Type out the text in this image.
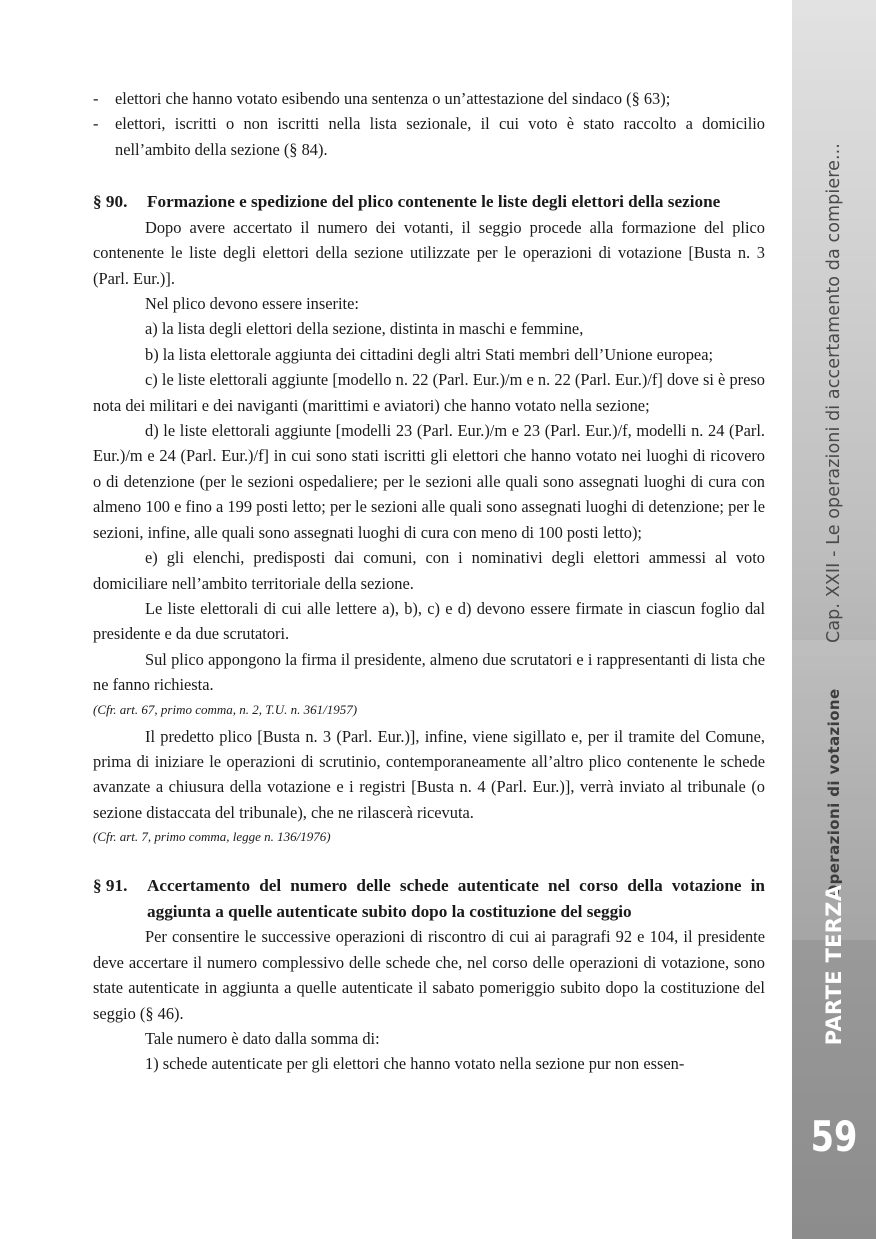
- elettori che hanno votato esibendo una sentenza o un’attestazione del sindaco (§ 63);

- elettori, iscritti o non iscritti nella lista sezionale, il cui voto è stato raccolto a domicilio nell’ambito della sezione (§ 84).

§ 90.	Formazione e spedizione del plico contenente le liste degli elettori della sezione

Dopo avere accertato il numero dei votanti, il seggio procede alla formazione del plico contenente le liste degli elettori della sezione utilizzate per le operazioni di votazione [Busta n. 3 (Parl. Eur.)].

Nel plico devono essere inserite:

a) la lista degli elettori della sezione, distinta in maschi e femmine,

b) la lista elettorale aggiunta dei cittadini degli altri Stati membri dell’Unione europea;

c) le liste elettorali aggiunte [modello n. 22 (Parl. Eur.)/m e n. 22 (Parl. Eur.)/f] dove si è preso nota dei militari e dei naviganti (marittimi e aviatori) che hanno votato nella sezione;

d) le liste elettorali aggiunte [modelli 23 (Parl. Eur.)/m e 23 (Parl. Eur.)/f, modelli n. 24 (Parl. Eur.)/m e 24 (Parl. Eur.)/f] in cui sono stati iscritti gli elettori che hanno votato nei luoghi di ricovero o di detenzione (per le sezioni ospedaliere; per le sezioni alle quali sono assegnati luoghi di cura con almeno 100 e fino a 199 posti letto; per le sezioni alle quali sono assegnati luoghi di detenzione; per le sezioni, infine, alle quali sono assegnati luoghi di cura con meno di 100 posti letto);

e) gli elenchi, predisposti dai comuni, con i nominativi degli elettori ammessi al voto domiciliare nell’ambito territoriale della sezione.

Le liste elettorali di cui alle lettere a), b), c) e d) devono essere firmate in ciascun foglio dal presidente e da due scrutatori.

Sul plico appongono la firma il presidente, almeno due scrutatori e i rappresentanti di lista che ne fanno richiesta.

(Cfr. art. 67, primo comma, n. 2, T.U. n. 361/1957)

Il predetto plico [Busta n. 3 (Parl. Eur.)], infine, viene sigillato e, per il tramite del Comune, prima di iniziare le operazioni di scrutinio, contemporaneamente all’altro plico contenente le schede avanzate a chiusura della votazione e i registri [Busta n. 4 (Parl. Eur.)], verrà inviato al tribunale (o sezione distaccata del tribunale), che ne rilascerà ricevuta.

(Cfr. art. 7, primo comma, legge n. 136/1976)

§ 91.	Accertamento del numero delle schede autenticate nel corso della votazione in aggiunta a quelle autenticate subito dopo la costituzione del seggio

Per consentire le successive operazioni di riscontro di cui ai paragrafi 92 e 104, il presidente deve accertare il numero complessivo delle schede che, nel corso delle operazioni di votazione, sono state autenticate in aggiunta a quelle autenticate il sabato pomeriggio subito dopo la costituzione del seggio (§ 46).

Tale numero è dato dalla somma di:

1) schede autenticate per gli elettori che hanno votato nella sezione pur non essen-

Cap. XXII - Le operazioni di accertamento da compiere...
Operazioni di votazione
PARTE TERZA
59
